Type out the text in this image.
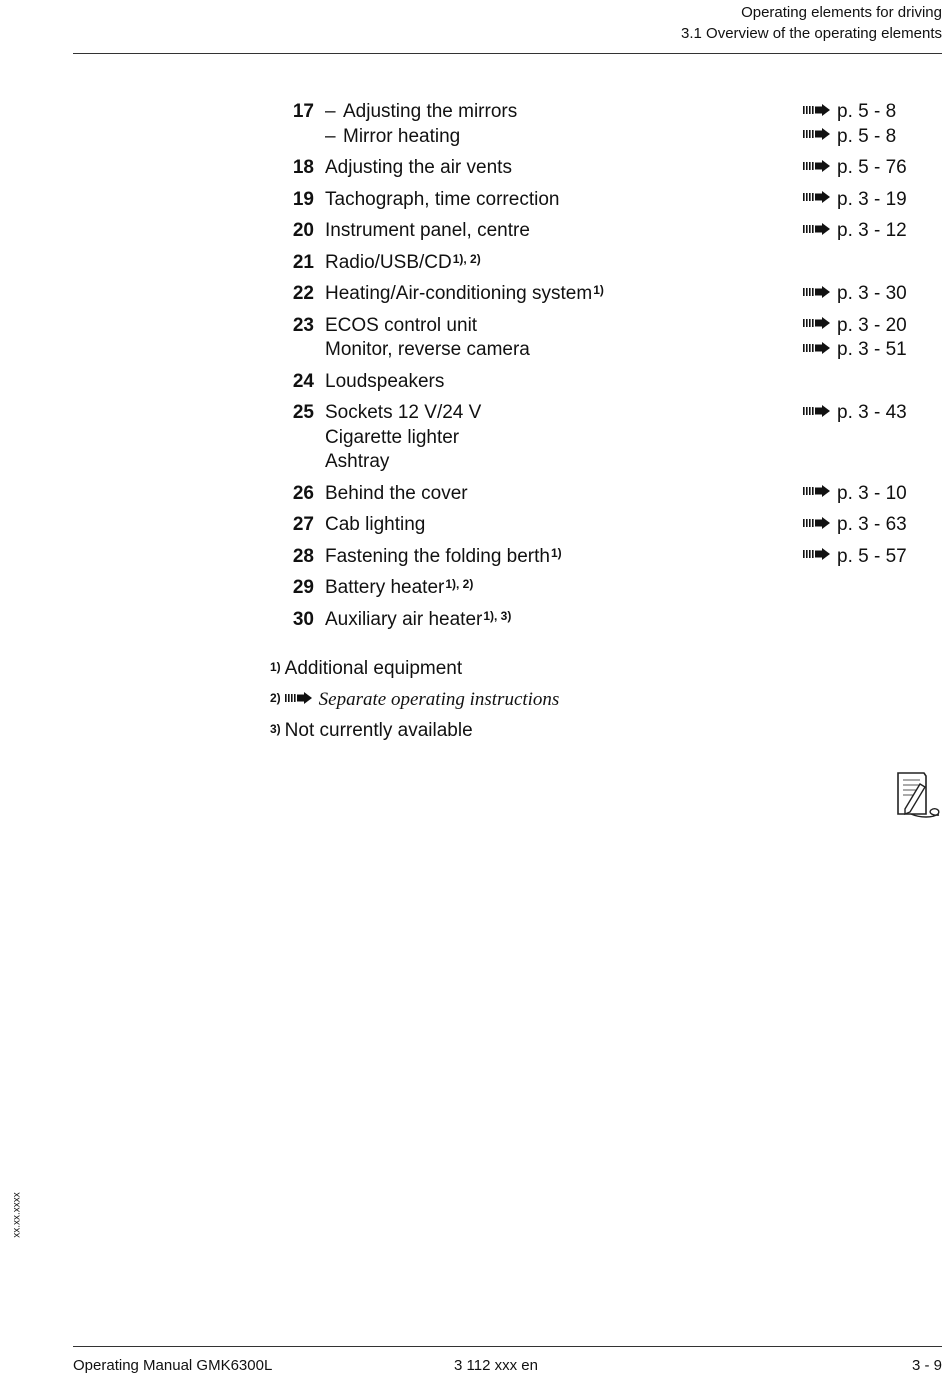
Operating elements for driving
3.1 Overview of the operating elements
17 – Adjusting the mirrors	p. 5 - 8
– Mirror heating	p. 5 - 8
18 Adjusting the air vents	p. 5 - 76
19 Tachograph, time correction	p. 3 - 19
20 Instrument panel, centre	p. 3 - 12
21 Radio/USB/CD$^{1), 2)}$
22 Heating/Air-conditioning system$^{1)}$	p. 3 - 30
23 ECOS control unit	p. 3 - 20
Monitor, reverse camera	p. 3 - 51
24 Loudspeakers
25 Sockets 12 V/24 V	p. 3 - 43
Cigarette lighter
Ashtray
26 Behind the cover	p. 3 - 10
27 Cab lighting	p. 3 - 63
28 Fastening the folding berth$^{1)}$	p. 5 - 57
29 Battery heater$^{1), 2)}$
30 Auxiliary air heater$^{1), 3)}$
$^{1)}$ Additional equipment
$^{2)}$ Separate operating instructions
$^{3)}$ Not currently available
xx.xx.xxxx
Operating Manual GMK6300L	3 112 xxx en	3 - 9
